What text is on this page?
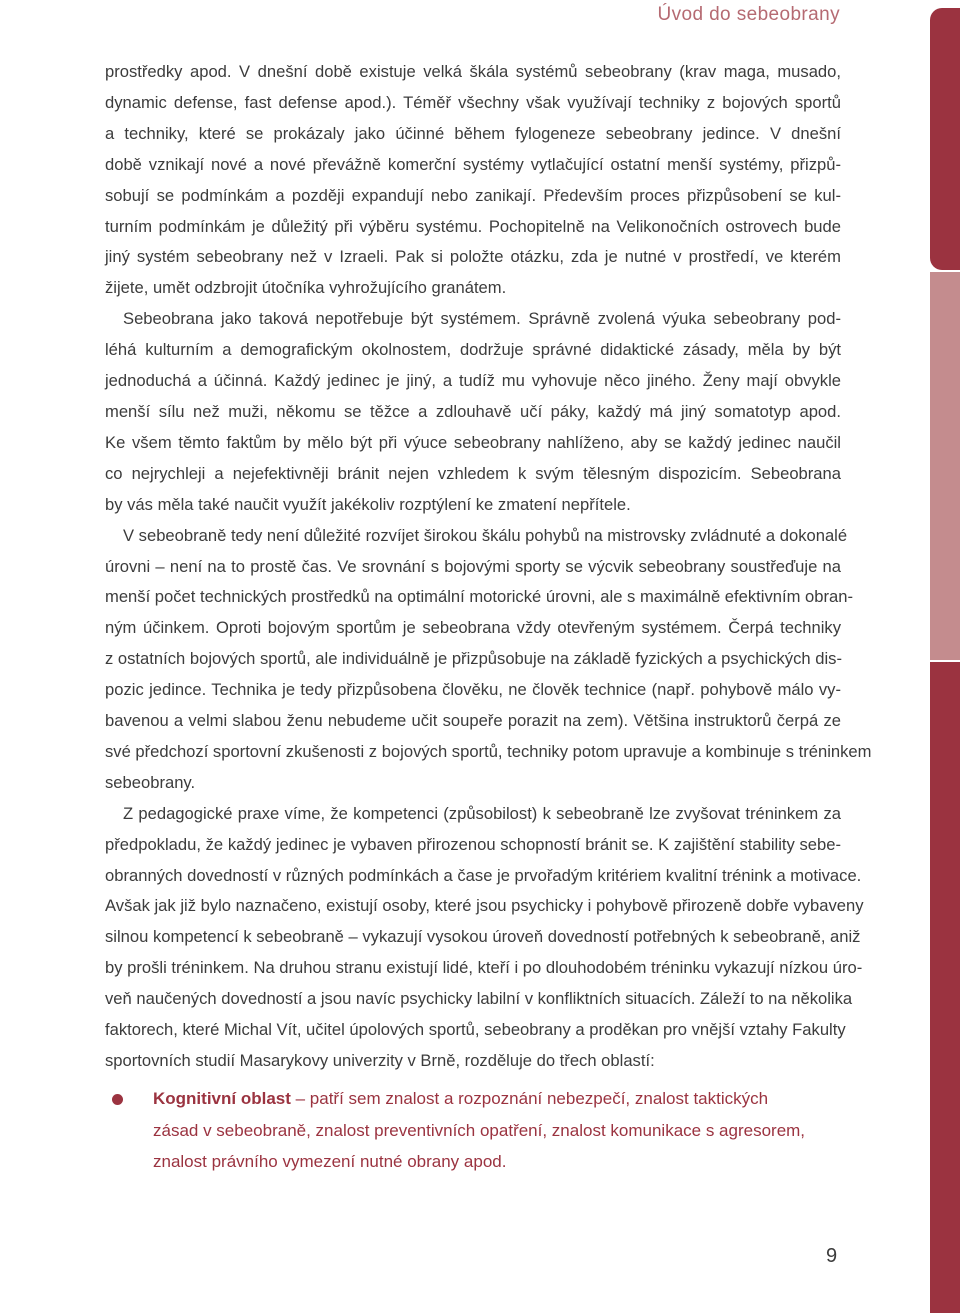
Úvod do sebeobrany
prostředky apod. V dnešní době existuje velká škála systémů sebeobrany (krav maga, musado,
dynamic defense, fast defense apod.). Téměř všechny však využívají techniky z bojových sportů
a techniky, které se prokázaly jako účinné během fylogeneze sebeobrany jedince. V dnešní
době vznikají nové a nové převážně komerční systémy vytlačující ostatní menší systémy, přizpů-
sobují se podmínkám a později expandují nebo zanikají. Především proces přizpůsobení se kul-
turním podmínkám je důležitý při výběru systému. Pochopitelně na Velikonočních ostrovech bude
jiný systém sebeobrany než v Izraeli. Pak si položte otázku, zda je nutné v prostředí, ve kterém
žijete, umět odzbrojit útočníka vyhrožujícího granátem.
Sebeobrana jako taková nepotřebuje být systémem. Správně zvolená výuka sebeobrany pod-
léhá kulturním a demografickým okolnostem, dodržuje správné didaktické zásady, měla by být
jednoduchá a účinná. Každý jedinec je jiný, a tudíž mu vyhovuje něco jiného. Ženy mají obvykle
menší sílu než muži, někomu se těžce a zdlouhavě učí páky, každý má jiný somatotyp apod.
Ke všem těmto faktům by mělo být při výuce sebeobrany nahlíženo, aby se každý jedinec naučil
co nejrychleji a nejefektivněji bránit nejen vzhledem k svým tělesným dispozicím. Sebeobrana
by vás měla také naučit využít jakékoliv rozptýlení ke zmatení nepřítele.
V sebeobraně tedy není důležité rozvíjet širokou škálu pohybů na mistrovsky zvládnuté a dokonalé
úrovni – není na to prostě čas. Ve srovnání s bojovými sporty se výcvik sebeobrany soustřeďuje na
menší počet technických prostředků na optimální motorické úrovni, ale s maximálně efektivním obran-
ným účinkem. Oproti bojovým sportům je sebeobrana vždy otevřeným systémem. Čerpá techniky
z ostatních bojových sportů, ale individuálně je přizpůsobuje na základě fyzických a psychických dis-
pozic jedince. Technika je tedy přizpůsobena člověku, ne člověk technice (např. pohybově málo vy-
bavenou a velmi slabou ženu nebudeme učit soupeře porazit na zem). Většina instruktorů čerpá ze
své předchozí sportovní zkušenosti z bojových sportů, techniky potom upravuje a kombinuje s tréninkem
sebeobrany.
Z pedagogické praxe víme, že kompetenci (způsobilost) k sebeobraně lze zvyšovat tréninkem za
předpokladu, že každý jedinec je vybaven přirozenou schopností bránit se. K zajištění stability sebe-
obranných dovedností v různých podmínkách a čase je prvořadým kritériem kvalitní trénink a motivace.
Avšak jak již bylo naznačeno, existují osoby, které jsou psychicky i pohybově přirozeně dobře vybaveny
silnou kompetencí k sebeobraně – vykazují vysokou úroveň dovedností potřebných k sebeobraně, aniž
by prošli tréninkem. Na druhou stranu existují lidé, kteří i po dlouhodobém tréninku vykazují nízkou úro-
veň naučených dovedností a jsou navíc psychicky labilní v konfliktních situacích. Záleží to na několika
faktorech, které Michal Vít, učitel úpolových sportů, sebeobrany a proděkan pro vnější vztahy Fakulty
sportovních studií Masarykovy univerzity v Brně, rozděluje do třech oblastí:
Kognitivní oblast – patří sem znalost a rozpoznání nebezpečí, znalost taktických
zásad v sebeobraně, znalost preventivních opatření, znalost komunikace s agresorem,
znalost právního vymezení nutné obrany apod.
9
